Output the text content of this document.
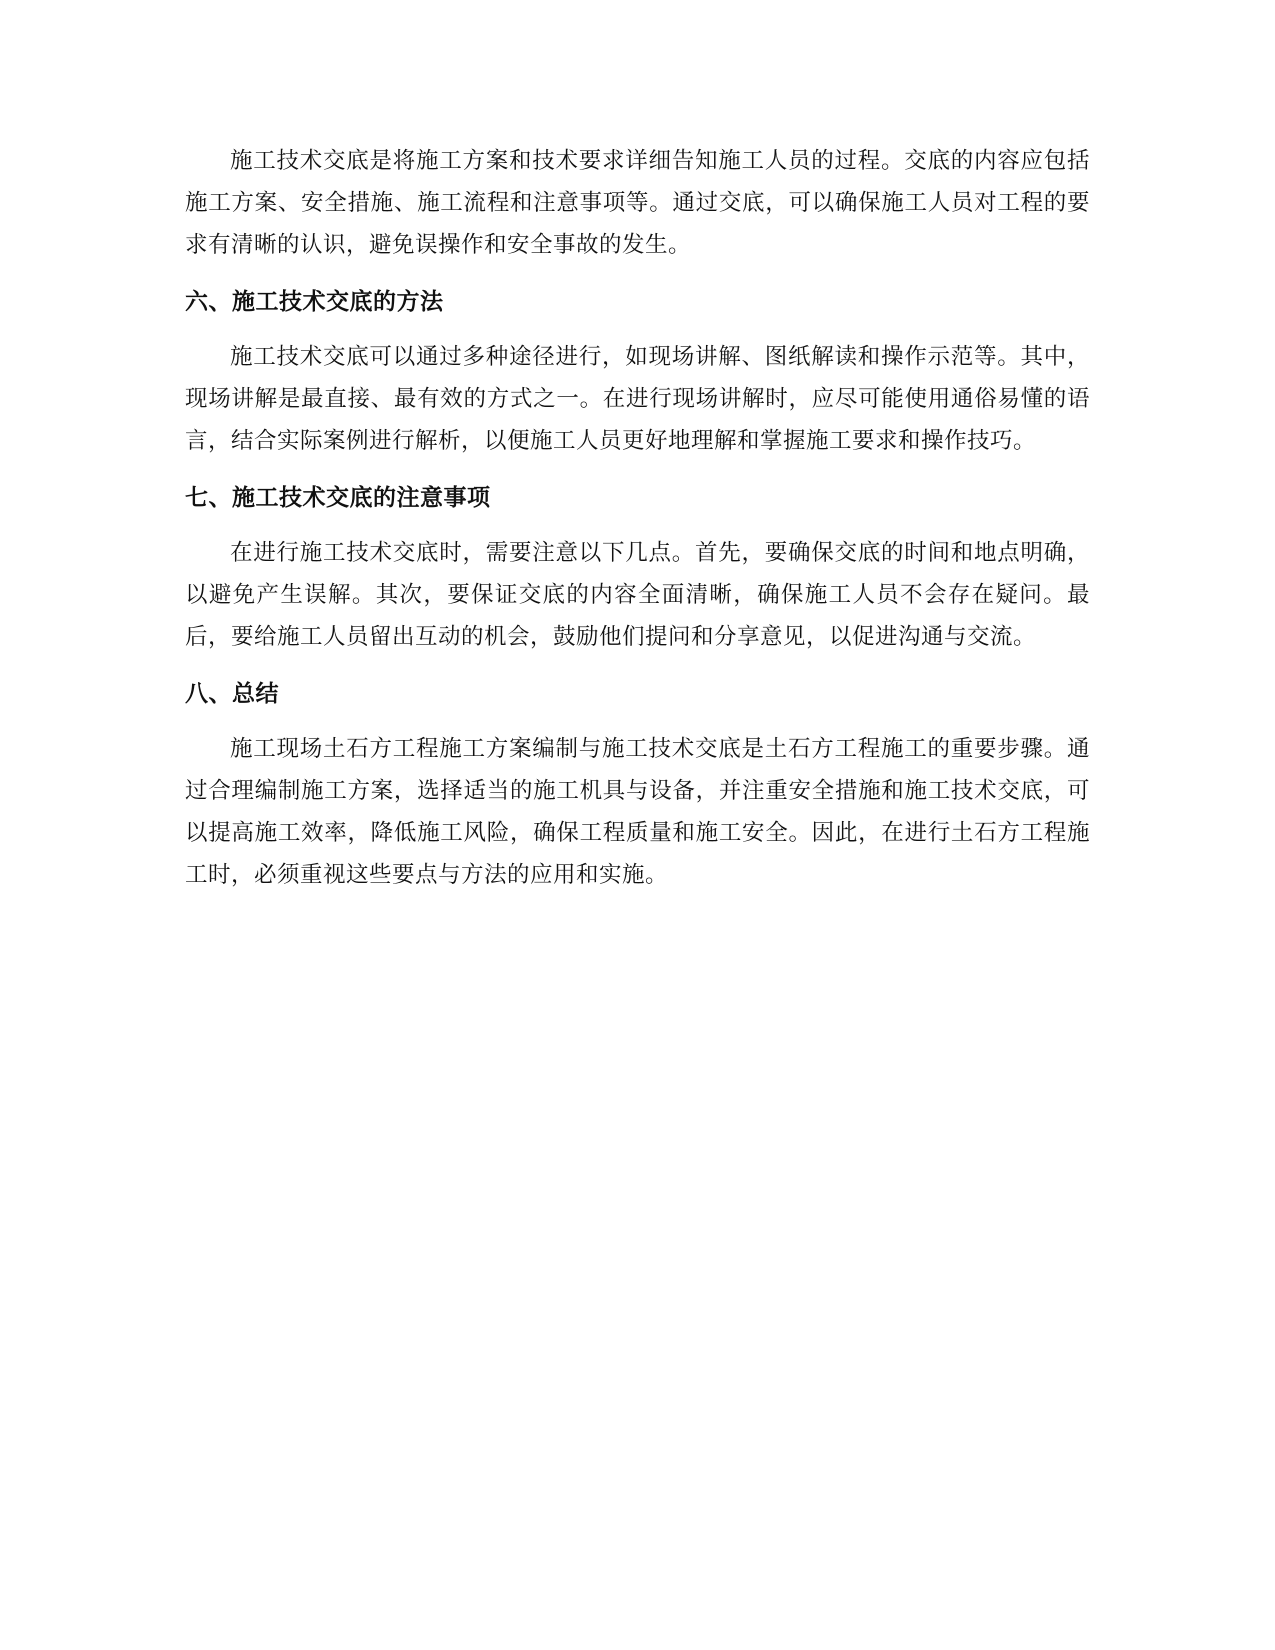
施工技术交底是将施工方案和技术要求详细告知施工人员的过程。交底的内容应包括施工方案、安全措施、施工流程和注意事项等。通过交底，可以确保施工人员对工程的要求有清晰的认识，避免误操作和安全事故的发生。

六、施工技术交底的方法

施工技术交底可以通过多种途径进行，如现场讲解、图纸解读和操作示范等。其中，现场讲解是最直接、最有效的方式之一。在进行现场讲解时，应尽可能使用通俗易懂的语言，结合实际案例进行解析，以便施工人员更好地理解和掌握施工要求和操作技巧。

七、施工技术交底的注意事项

在进行施工技术交底时，需要注意以下几点。首先，要确保交底的时间和地点明确，以避免产生误解。其次，要保证交底的内容全面清晰，确保施工人员不会存在疑问。最后，要给施工人员留出互动的机会，鼓励他们提问和分享意见，以促进沟通与交流。

八、总结

施工现场土石方工程施工方案编制与施工技术交底是土石方工程施工的重要步骤。通过合理编制施工方案，选择适当的施工机具与设备，并注重安全措施和施工技术交底，可以提高施工效率，降低施工风险，确保工程质量和施工安全。因此，在进行土石方工程施工时，必须重视这些要点与方法的应用和实施。
